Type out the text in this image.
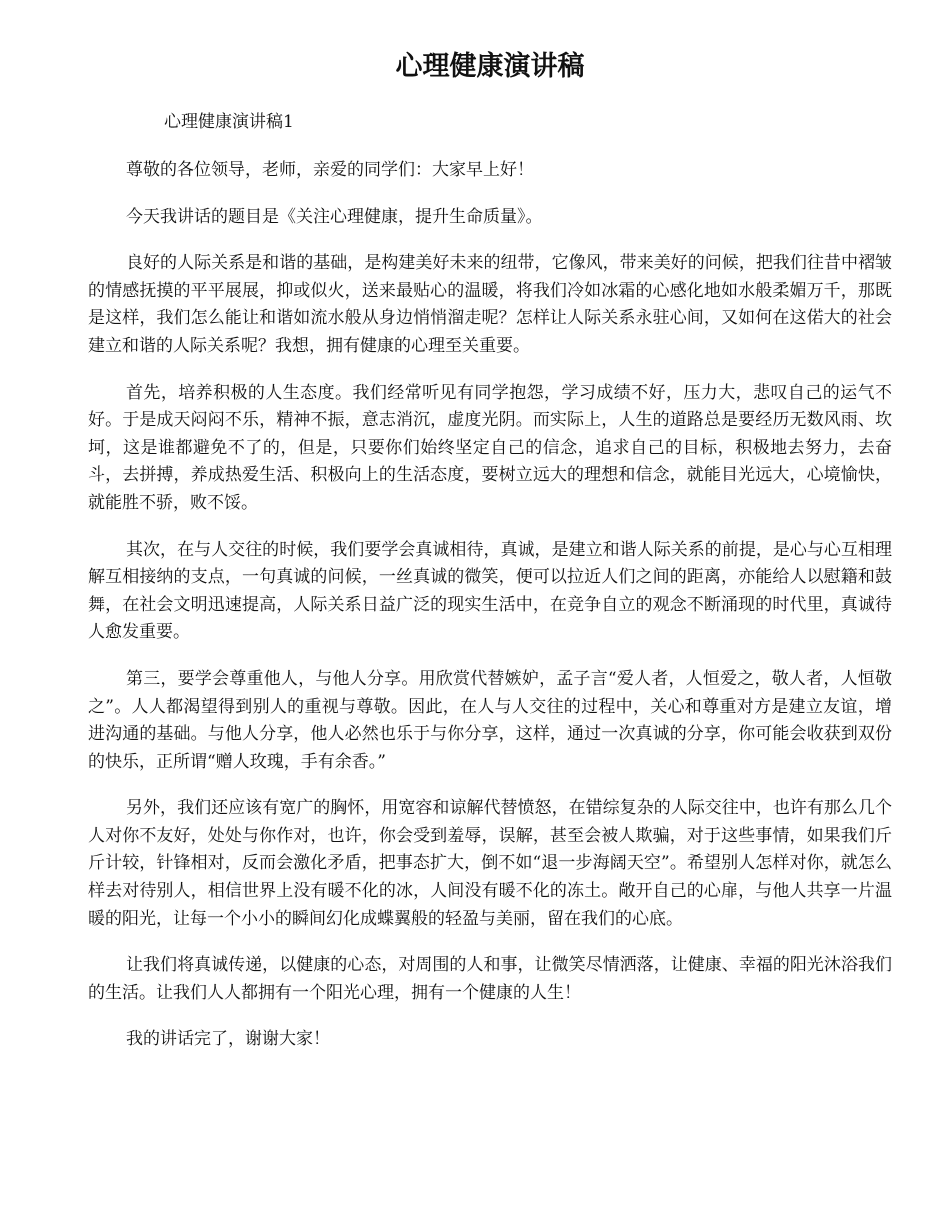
心理健康演讲稿
心理健康演讲稿1

尊敬的各位领导，老师，亲爱的同学们：大家早上好！

今天我讲话的题目是《关注心理健康，提升生命质量》。

良好的人际关系是和谐的基础，是构建美好未来的纽带，它像风，带来美好的问候，把我们往昔中褶皱的情感抚摸的平平展展，抑或似火，送来最贴心的温暖，将我们冷如冰霜的心感化地如水般柔媚万千，那既是这样，我们怎么能让和谐如流水般从身边悄悄溜走呢？怎样让人际关系永驻心间，又如何在这偌大的社会建立和谐的人际关系呢？我想，拥有健康的心理至关重要。

首先，培养积极的人生态度。我们经常听见有同学抱怨，学习成绩不好，压力大，悲叹自己的运气不好。于是成天闷闷不乐，精神不振，意志消沉，虚度光阴。而实际上，人生的道路总是要经历无数风雨、坎坷，这是谁都避免不了的，但是，只要你们始终坚定自己的信念，追求自己的目标，积极地去努力，去奋斗，去拼搏，养成热爱生活、积极向上的生活态度，要树立远大的理想和信念，就能目光远大，心境愉快，就能胜不骄，败不馁。

其次，在与人交往的时候，我们要学会真诚相待，真诚，是建立和谐人际关系的前提，是心与心互相理解互相接纳的支点，一句真诚的问候，一丝真诚的微笑，便可以拉近人们之间的距离，亦能给人以慰籍和鼓舞，在社会文明迅速提高，人际关系日益广泛的现实生活中，在竞争自立的观念不断涌现的时代里，真诚待人愈发重要。

第三，要学会尊重他人，与他人分享。用欣赏代替嫉妒，孟子言“爱人者，人恒爱之，敬人者，人恒敬之”。人人都渴望得到别人的重视与尊敬。因此，在人与人交往的过程中，关心和尊重对方是建立友谊，增进沟通的基础。与他人分享，他人必然也乐于与你分享，这样，通过一次真诚的分享，你可能会收获到双份的快乐，正所谓“赠人玫瑰，手有余香。”

另外，我们还应该有宽广的胸怀，用宽容和谅解代替愤怒，在错综复杂的人际交往中，也许有那么几个人对你不友好，处处与你作对，也许，你会受到羞辱，误解，甚至会被人欺骗，对于这些事情，如果我们斤斤计较，针锋相对，反而会激化矛盾，把事态扩大，倒不如“退一步海阔天空”。希望别人怎样对你，就怎么样去对待别人，相信世界上没有暖不化的冰，人间没有暖不化的冻土。敞开自己的心扉，与他人共享一片温暖的阳光，让每一个小小的瞬间幻化成蝶翼般的轻盈与美丽，留在我们的心底。

让我们将真诚传递，以健康的心态，对周围的人和事，让微笑尽情洒落，让健康、幸福的阳光沐浴我们的生活。让我们人人都拥有一个阳光心理，拥有一个健康的人生！

我的讲话完了，谢谢大家！
